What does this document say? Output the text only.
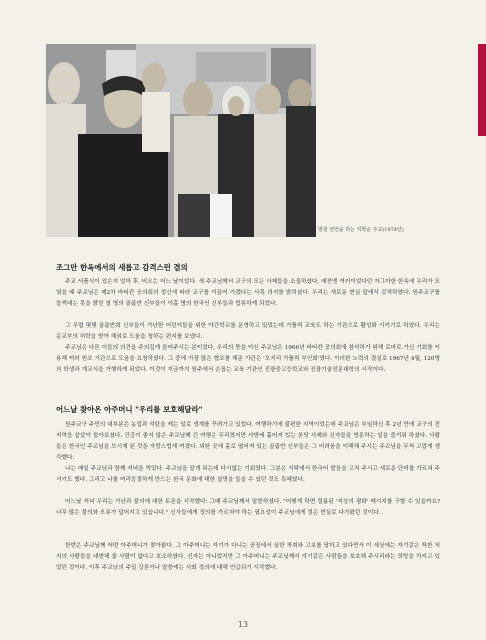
방침 선언을 하는 지학순 주교(1974년)
조그만 한옥에서의 새롭고 감격스런 결의

주교 서품식이 있은지 얼마 후, 비오는 어느 날이었다. 새 주교님께서 교구의 모든 사제들을 소집하셨다. 예전엔 여러이었다던 자그마한 한옥에 우리가 모였을 때 주교님은 제2차 바티칸 공의회의 정신에 따라 교구를 이끌어 가겠다는 사목 의지를 밝히셨다. 우리는 새로운 현실 앞에서 감격하였다. 원주교구를 들썩대는 못을 밝힌 열 명의 골롬반 신부들이 아홉 명의 한국인 신부들과 합류하게 되었다.

그 무렵 몇몇 골롬반회 신부들이 가난한 어린이들을 위한 야간학교를 운영하고 있었는데 가톨릭 교육도 하는 기관으로 활성화 시키기로 하였다. 우리는 문교부의 허락을 받아 해외로 도움을 청하는 편지를 보냈다.

주교님은 다른 이들의 의견을 주의깊게 들어주시는 분이었다. 우리의 뜻을 아신 주교님은 1966년 바티칸 공의회에 참석하기 위해 로마로 가신 기회를 이용해 여러 원조 기관으로 도움을 요청하셨다. 그 중에 가장 많은 협조를 해준 기관은 '오지리 가톨릭 부인회'였다. 이러한 노력의 결실로 1967년 4월, 120명의 학생과 개교식을 거행하게 되었다. 이것이 지금까지 원주에서 손꼽는 교육 기관인 진광중고등학교와 진광기술전문대학의 시작이다.

어느날 찾아온 아주머니 "우리를 보호해달라"

원주교구 주민의 대부분은 농업과 석탄을 캐는 일로 생계를 꾸려가고 있었다. 여행하기에 불편한 지역이었는데 주교님은 부임하신 후 2년 만에 교구의 전지역을 샅샅이 돌아보셨다. 건강이 좋지 않은 주교님께 긴 여행은 무리였지만 사방에 흩어져 있는 본당 사제와 신자들을 방문하는 일을 즐거워 하셨다. 사람들은 한국인 주교님을 모시게 된 것을 자랑스럽게 여겼다. 외딴 곳에 홀로 떨어져 있는 골롬반 신부들은 그 어려움을 이해해 주시는 주교님을 무척 고맙게 생각했다.

나는 매일 주교님과 함께 저녁을 먹었다. 주교님을 알게 되는데 다시없는 기회였다. 그분은 식탁에서 한국어 발음을 고쳐 주시고 새로운 단어를 가르쳐 주시기도 했다. 그리고 나를 어리둥절하게 만드는 한국 문화에 대한 설명을 들을 수 있던 것도 특혜였다.

어느날 저녁 우리는 가난과 불의에 대한 토론을 시작했다. 그때 주교님께서 말씀하셨다. "어떻게 하면 절름된 '지상의 평화' 메시지를 구할 수 있을까요? 너무 많은 불의와 오류가 덮어지고 있습니다." 신자들에게 정의를 가르쳐야 하는 필요성이 주교님에게 절은 현실로 다가왔던 것이다.

한번은 주교님께 어떤 아주머니가 찾아왔다. 그 아주머니는 자기가 다니는 공장에서 심한 착취와 고초를 당하고 있다면서 이 세상에는 자기같은 딱한 처지의 사람들을 대변해 줄 사람이 없다고 호소하였다. 신자는 아니었지만 그 아주머니는 주교님께서 자기같은 사람들을 보호해 주시리라는 희망을 가지고 있었던 것이다. 이후 주교님의 주일 강론이나 말씀에는 사회 정의에 대해 언급되기 시작했다.

13
